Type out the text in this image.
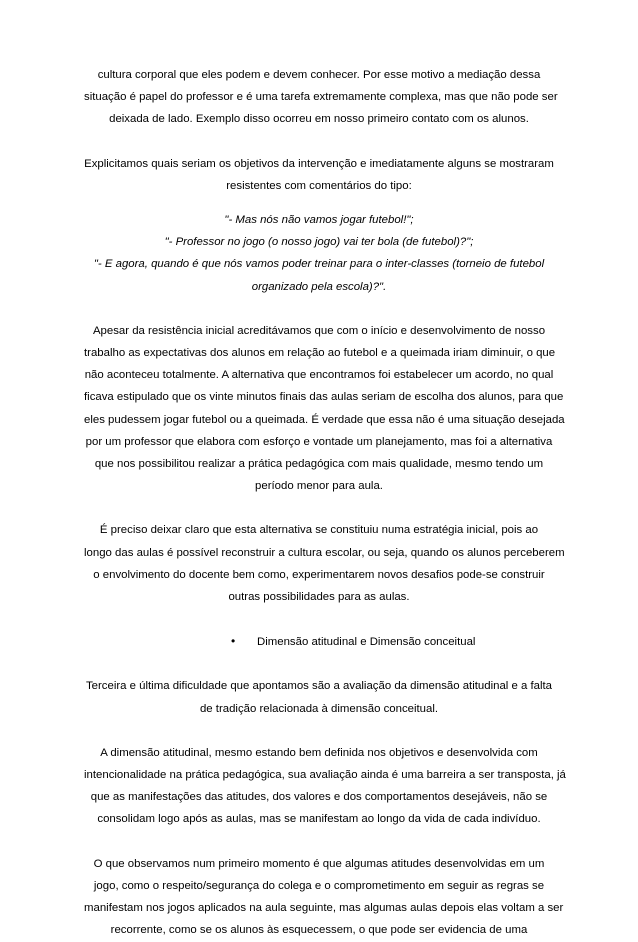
cultura corporal que eles podem e devem conhecer. Por esse motivo a mediação dessa
situação é papel do professor e é uma tarefa extremamente complexa, mas que não pode ser
deixada de lado. Exemplo disso ocorreu em nosso primeiro contato com os alunos.
Explicitamos quais seriam os objetivos da intervenção e imediatamente alguns se mostraram
resistentes com comentários do tipo:
"- Mas nós não vamos jogar futebol!";
"- Professor no jogo (o nosso jogo) vai ter bola (de futebol)?";
"- E agora, quando é que nós vamos poder treinar para o inter-classes (torneio de futebol
organizado pela escola)?".
Apesar da resistência inicial acreditávamos que com o início e desenvolvimento de nosso
trabalho as expectativas dos alunos em relação ao futebol e a queimada iriam diminuir, o que
não aconteceu totalmente. A alternativa que encontramos foi estabelecer um acordo, no qual
ficava estipulado que os vinte minutos finais das aulas seriam de escolha dos alunos, para que
eles pudessem jogar futebol ou a queimada. É verdade que essa não é uma situação desejada
por um professor que elabora com esforço e vontade um planejamento, mas foi a alternativa
que nos possibilitou realizar a prática pedagógica com mais qualidade, mesmo tendo um
período menor para aula.
É preciso deixar claro que esta alternativa se constituiu numa estratégia inicial, pois ao
longo das aulas é possível reconstruir a cultura escolar, ou seja, quando os alunos perceberem
o envolvimento do docente bem como, experimentarem novos desafios pode-se construir
outras possibilidades para as aulas.
• Dimensão atitudinal e Dimensão conceitual
Terceira e última dificuldade que apontamos são a avaliação da dimensão atitudinal e a falta
de tradição relacionada à dimensão conceitual.
A dimensão atitudinal, mesmo estando bem definida nos objetivos e desenvolvida com
intencionalidade na prática pedagógica, sua avaliação ainda é uma barreira a ser transposta, já
que as manifestações das atitudes, dos valores e dos comportamentos desejáveis, não se
consolidam logo após as aulas, mas se manifestam ao longo da vida de cada indivíduo.
O que observamos num primeiro momento é que algumas atitudes desenvolvidas em um
jogo, como o respeito/segurança do colega e o comprometimento em seguir as regras se
manifestam nos jogos aplicados na aula seguinte, mas algumas aulas depois elas voltam a ser
recorrente, como se os alunos às esquecessem, o que pode ser evidencia de uma
